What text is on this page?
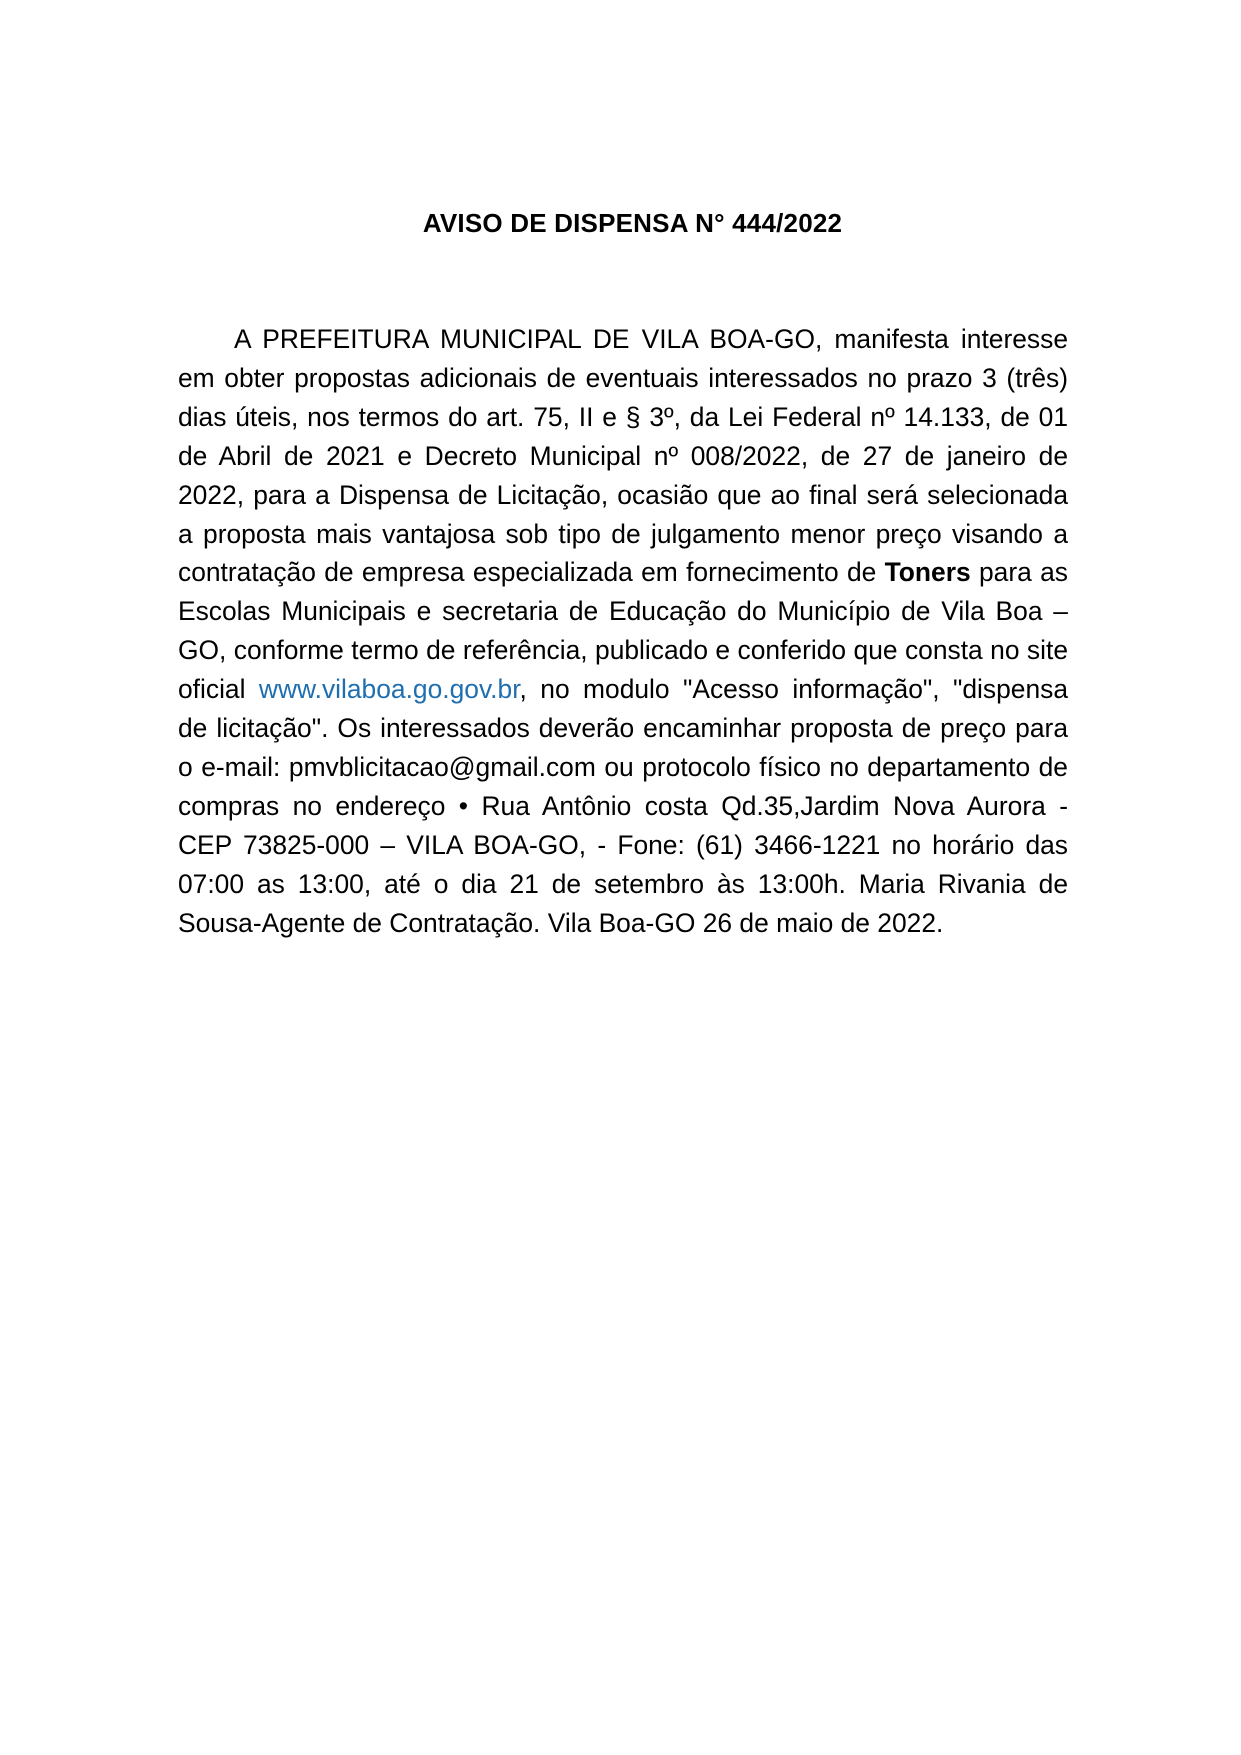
AVISO DE DISPENSA N° 444/2022

A PREFEITURA MUNICIPAL DE VILA BOA-GO, manifesta interesse em obter propostas adicionais de eventuais interessados no prazo 3 (três) dias úteis, nos termos do art. 75, II e § 3º, da Lei Federal nº 14.133, de 01 de Abril de 2021 e Decreto Municipal nº 008/2022, de 27 de janeiro de 2022, para a Dispensa de Licitação, ocasião que ao final será selecionada a proposta mais vantajosa sob tipo de julgamento menor preço visando a contratação de empresa especializada em fornecimento de Toners para as Escolas Municipais e secretaria de Educação do Município de Vila Boa – GO, conforme termo de referência, publicado e conferido que consta no site oficial www.vilaboa.go.gov.br, no modulo "Acesso informação", "dispensa de licitação". Os interessados deverão encaminhar proposta de preço para o e-mail: pmvblicitacao@gmail.com ou protocolo físico no departamento de compras no endereço • Rua Antônio costa Qd.35,Jardim Nova Aurora - CEP 73825-000 – VILA BOA-GO, - Fone: (61) 3466-1221 no horário das 07:00 as 13:00, até o dia 21 de setembro às 13:00h. Maria Rivania de Sousa-Agente de Contratação. Vila Boa-GO 26 de maio de 2022.
